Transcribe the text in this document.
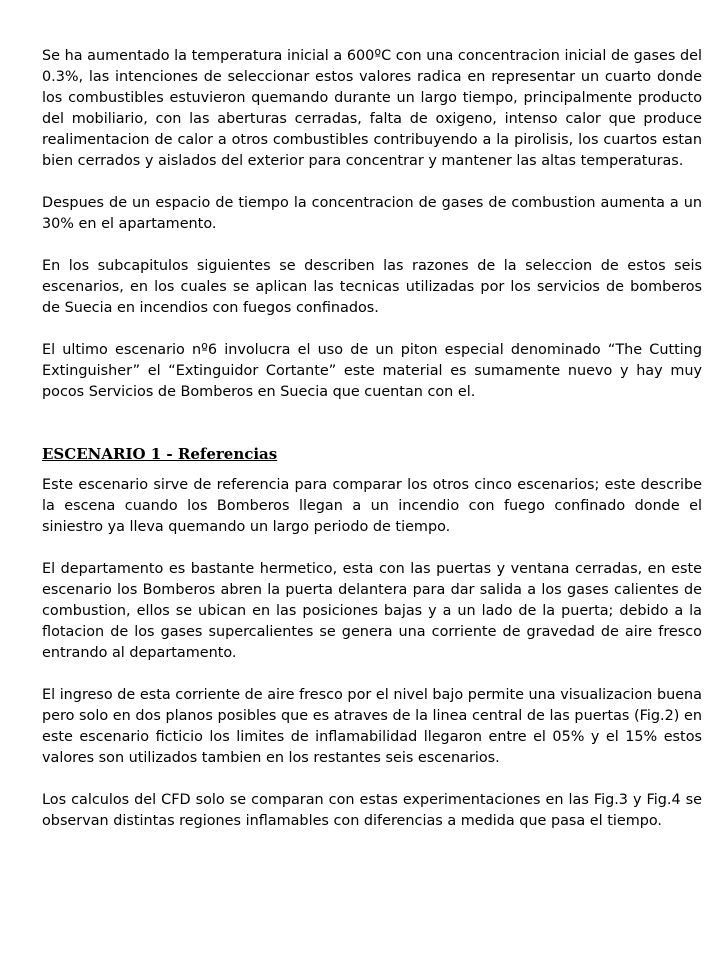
Se ha aumentado la temperatura inicial a 600ºC con una concentracion inicial de gases del 0.3%, las intenciones de seleccionar estos valores radica en representar un cuarto donde los combustibles estuvieron quemando durante un largo tiempo, principalmente producto del mobiliario, con las aberturas cerradas, falta de oxigeno, intenso calor que produce realimentacion de calor a otros combustibles contribuyendo a la pirolisis, los cuartos estan bien cerrados y aislados del exterior para concentrar y mantener las altas temperaturas.

Despues de un espacio de tiempo la concentracion de gases de combustion aumenta a un 30% en el apartamento.

En los subcapitulos siguientes se describen las razones de la seleccion de estos seis escenarios, en los cuales se aplican las tecnicas utilizadas por los servicios de bomberos de Suecia en incendios con fuegos confinados.

El ultimo escenario nº6 involucra el uso de un piton especial denominado “The Cutting Extinguisher” el “Extinguidor Cortante” este material es sumamente nuevo y hay muy pocos Servicios de Bomberos en Suecia que cuentan con el.

ESCENARIO 1 - Referencias

Este escenario sirve de referencia para comparar los otros cinco escenarios; este describe la escena cuando los Bomberos llegan a un incendio con fuego confinado donde el siniestro ya lleva quemando un largo periodo de tiempo.

El departamento es bastante hermetico, esta con las puertas y ventana cerradas, en este escenario los Bomberos abren la puerta delantera para dar salida a los gases calientes de combustion, ellos se ubican en las posiciones bajas y a un lado de la puerta; debido a la flotacion de los gases supercalientes se genera una corriente de gravedad de aire fresco entrando al departamento.

El ingreso de esta corriente de aire fresco por el nivel bajo permite una visualizacion buena pero solo en dos planos posibles que es atraves de la linea central de las puertas (Fig.2) en este escenario ficticio los limites de inflamabilidad llegaron entre el 05% y el 15% estos valores son utilizados tambien en los restantes seis escenarios.

Los calculos del CFD solo se comparan con estas experimentaciones en las Fig.3 y Fig.4 se observan distintas regiones inflamables con diferencias a medida que pasa el tiempo.
